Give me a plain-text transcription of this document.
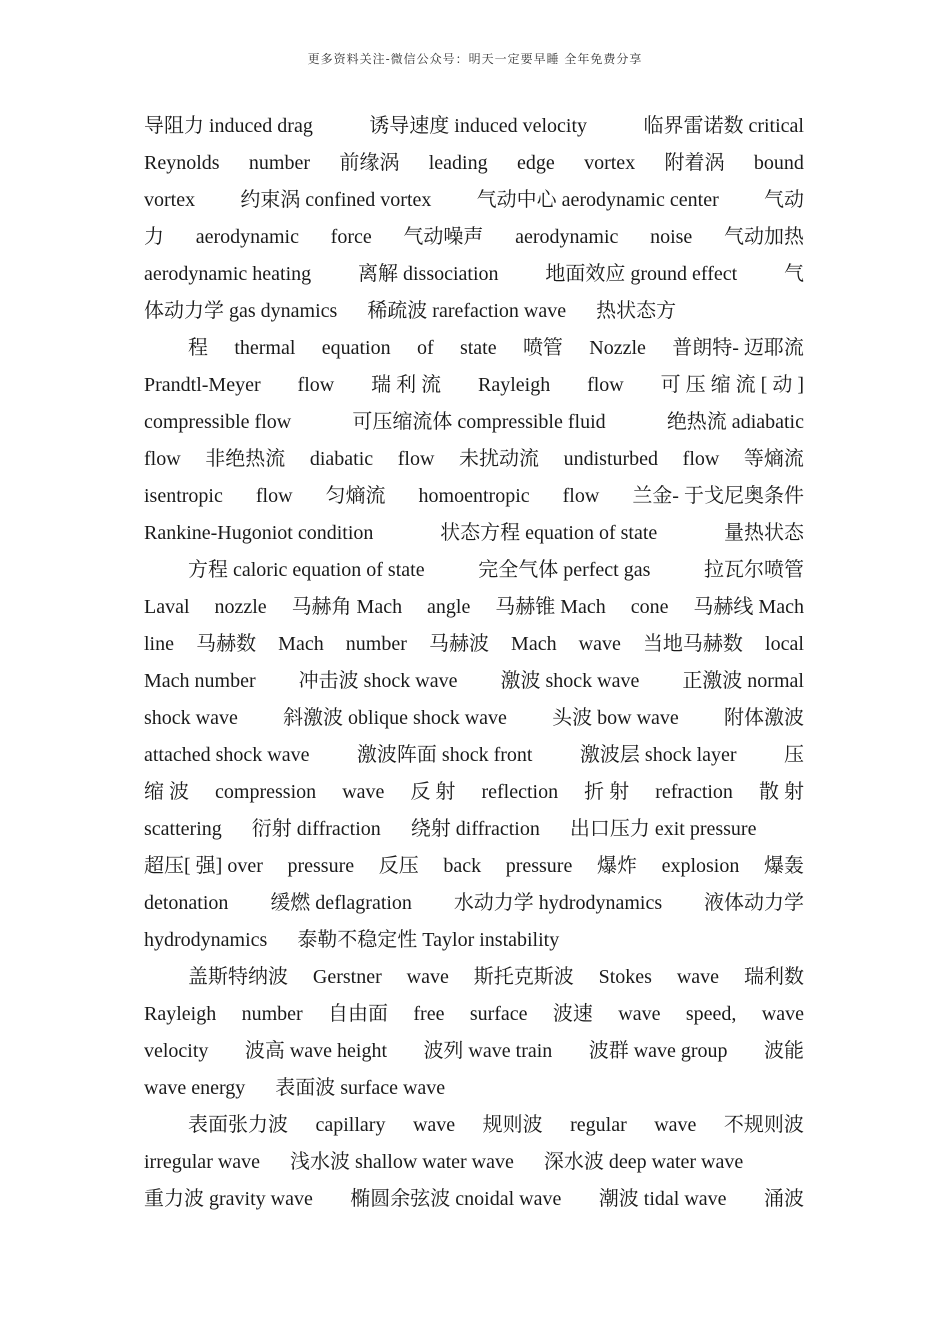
更多资料关注-微信公众号：明天一定要早睡 全年免费分享
导阻力 induced drag	诱导速度 induced velocity	临界雷诺数 critical
Reynolds number 前缘涡 leading edge vortex 附着涡 bound
vortex 约束涡 confined vortex 气动中心 aerodynamic center 气动
力 aerodynamic force 气动噪声 aerodynamic noise 气动加热
aerodynamic heating 离解 dissociation 地面效应 ground effect 气
体动力学 gas dynamics 稀疏波 rarefaction wave 热状态方
程 thermal equation of state 喷管 Nozzle 普朗特- 迈耶流
Prandtl-Meyer flow 瑞 利 流 Rayleigh flow 可 压 缩 流 [ 动 ]
compressible flow	可压缩流体 compressible fluid	绝热流 adiabatic
flow 非绝热流 diabatic flow 未扰动流 undisturbed flow 等熵流
isentropic flow 匀熵流 homoentropic flow 兰金- 于戈尼奥条件
Rankine-Hugoniot condition	状态方程 equation of state	量热状态
方程 caloric equation of state	完全气体 perfect gas	拉瓦尔喷管
Laval nozzle 马赫角 Mach angle 马赫锥 Mach cone 马赫线 Mach
line 马赫数 Mach number 马赫波 Mach wave 当地马赫数 local
Mach number 冲击波 shock wave 激波 shock wave 正激波 normal
shock wave 斜激波 oblique shock wave 头波 bow wave 附体激波
attached shock wave 激波阵面 shock front 激波层 shock layer 压
缩 波 compression wave 反 射 reflection 折 射 refraction 散 射
scattering 衍射 diffraction 绕射 diffraction 出口压力 exit pressure
超压[ 强] over pressure 反压 back pressure 爆炸 explosion 爆轰
detonation 缓燃 deflagration 水动力学 hydrodynamics 液体动力学
hydrodynamics 泰勒不稳定性 Taylor instability
盖斯特纳波 Gerstner wave 斯托克斯波 Stokes wave 瑞利数
Rayleigh number 自由面 free surface 波速 wave speed, wave
velocity 波高 wave height 波列 wave train 波群 wave group 波能
wave energy 表面波 surface wave
表面张力波 capillary wave 规则波 regular wave 不规则波
irregular wave 浅水波 shallow water wave 深水波 deep water wave
重力波 gravity wave 椭圆余弦波 cnoidal wave 潮波 tidal wave 涌波
